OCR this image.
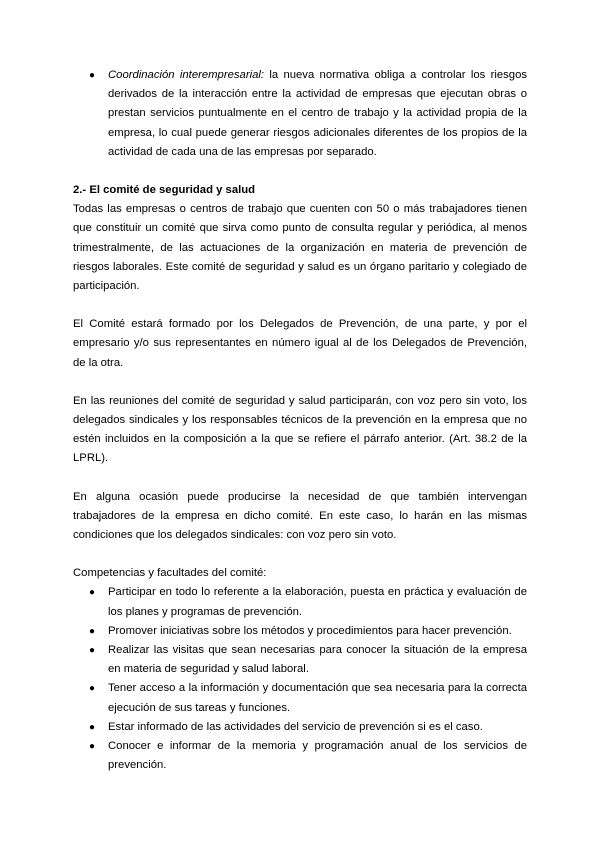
● Coordinación interempresarial: la nueva normativa obliga a controlar los riesgos derivados de la interacción entre la actividad de empresas que ejecutan obras o prestan servicios puntualmente en el centro de trabajo y la actividad propia de la empresa, lo cual puede generar riesgos adicionales diferentes de los propios de la actividad de cada una de las empresas por separado.

2.- El comité de seguridad y salud

Todas las empresas o centros de trabajo que cuenten con 50 o más trabajadores tienen que constituir un comité que sirva como punto de consulta regular y periódica, al menos trimestralmente, de las actuaciones de la organización en materia de prevención de riesgos laborales. Este comité de seguridad y salud es un órgano paritario y colegiado de participación.

El Comité estará formado por los Delegados de Prevención, de una parte, y por el empresario y/o sus representantes en número igual al de los Delegados de Prevención, de la otra.

En las reuniones del comité de seguridad y salud participarán, con voz pero sin voto, los delegados sindicales y los responsables técnicos de la prevención en la empresa que no estén incluidos en la composición a la que se refiere el párrafo anterior. (Art. 38.2 de la LPRL).

En alguna ocasión puede producirse la necesidad de que también intervengan trabajadores de la empresa en dicho comité. En este caso, lo harán en las mismas condiciones que los delegados sindicales: con voz pero sin voto.

Competencias y facultades del comité:

● Participar en todo lo referente a la elaboración, puesta en práctica y evaluación de los planes y programas de prevención.
● Promover iniciativas sobre los métodos y procedimientos para hacer prevención.
● Realizar las visitas que sean necesarias para conocer la situación de la empresa en materia de seguridad y salud laboral.
● Tener acceso a la información y documentación que sea necesaria para la correcta ejecución de sus tareas y funciones.
● Estar informado de las actividades del servicio de prevención si es el caso.
● Conocer e informar de la memoria y programación anual de los servicios de prevención.
